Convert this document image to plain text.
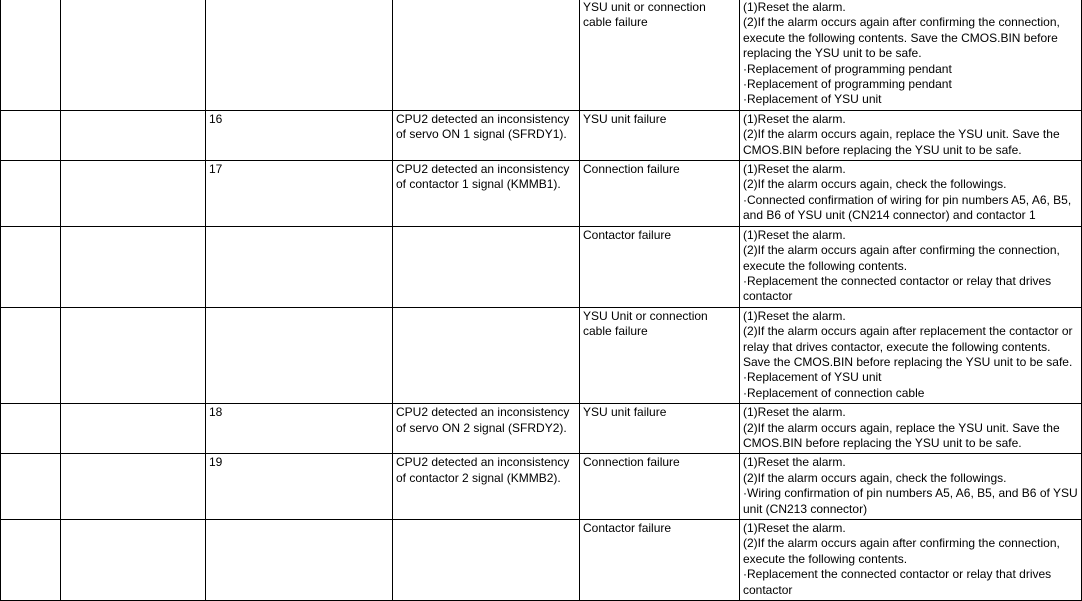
				YSU unit or connection cable failure	(1)Reset the alarm.
(2)If the alarm occurs again after confirming the connection, execute the following contents. Save the CMOS.BIN before replacing the YSU unit to be safe.
·Replacement of programming pendant
·Replacement of programming pendant
·Replacement of YSU unit

		16	CPU2 detected an inconsistency of servo ON 1 signal (SFRDY1).	YSU unit failure	(1)Reset the alarm.
(2)If the alarm occurs again, replace the YSU unit. Save the CMOS.BIN before replacing the YSU unit to be safe.

		17	CPU2 detected an inconsistency of contactor 1 signal (KMMB1).	Connection failure	(1)Reset the alarm.
(2)If the alarm occurs again, check the followings.
·Connected confirmation of wiring for pin numbers A5, A6, B5, and B6 of YSU unit (CN214 connector) and contactor 1

				Contactor failure	(1)Reset the alarm.
(2)If the alarm occurs again after confirming the connection, execute the following contents.
·Replacement the connected contactor or relay that drives contactor

				YSU Unit or connection cable failure	(1)Reset the alarm.
(2)If the alarm occurs again after replacement the contactor or relay that drives contactor, execute the following contents. Save the CMOS.BIN before replacing the YSU unit to be safe.
·Replacement of YSU unit
·Replacement of connection cable

		18	CPU2 detected an inconsistency of servo ON 2 signal (SFRDY2).	YSU unit failure	(1)Reset the alarm.
(2)If the alarm occurs again, replace the YSU unit. Save the CMOS.BIN before replacing the YSU unit to be safe.

		19	CPU2 detected an inconsistency of contactor 2 signal (KMMB2).	Connection failure	(1)Reset the alarm.
(2)If the alarm occurs again, check the followings.
·Wiring confirmation of pin numbers A5, A6, B5, and B6 of YSU unit (CN213 connector)

				Contactor failure	(1)Reset the alarm.
(2)If the alarm occurs again after confirming the connection, execute the following contents.
·Replacement the connected contactor or relay that drives contactor
